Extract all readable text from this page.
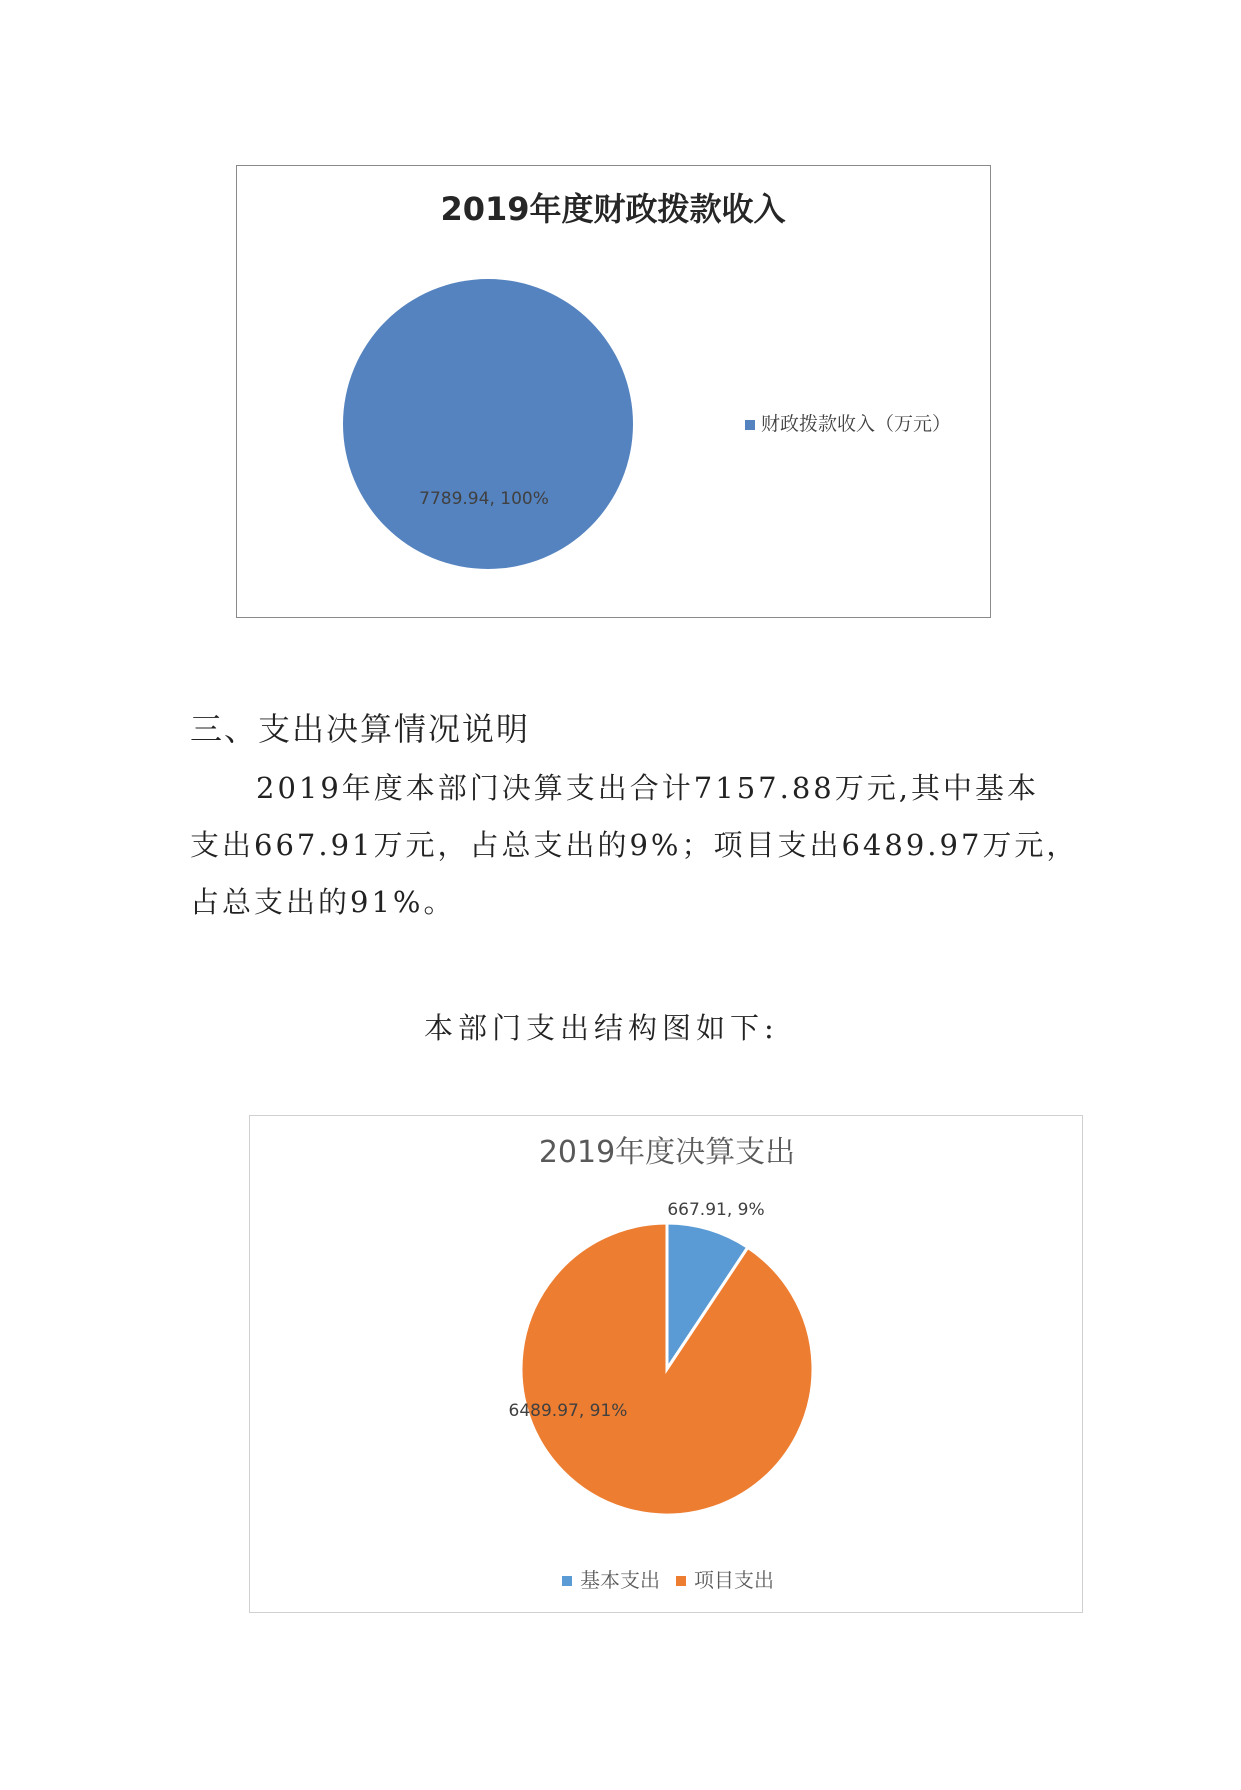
2019年度财政拨款收入
7789.94, 100%
财政拨款收入（万元）
三、支出决算情况说明
2019年度本部门决算支出合计7157.88万元,其中基本
支出667.91万元，占总支出的9%；项目支出6489.97万元，
占总支出的91%。
本部门支出结构图如下:
2019年度决算支出
667.91, 9%
6489.97, 91%
基本支出 项目支出
